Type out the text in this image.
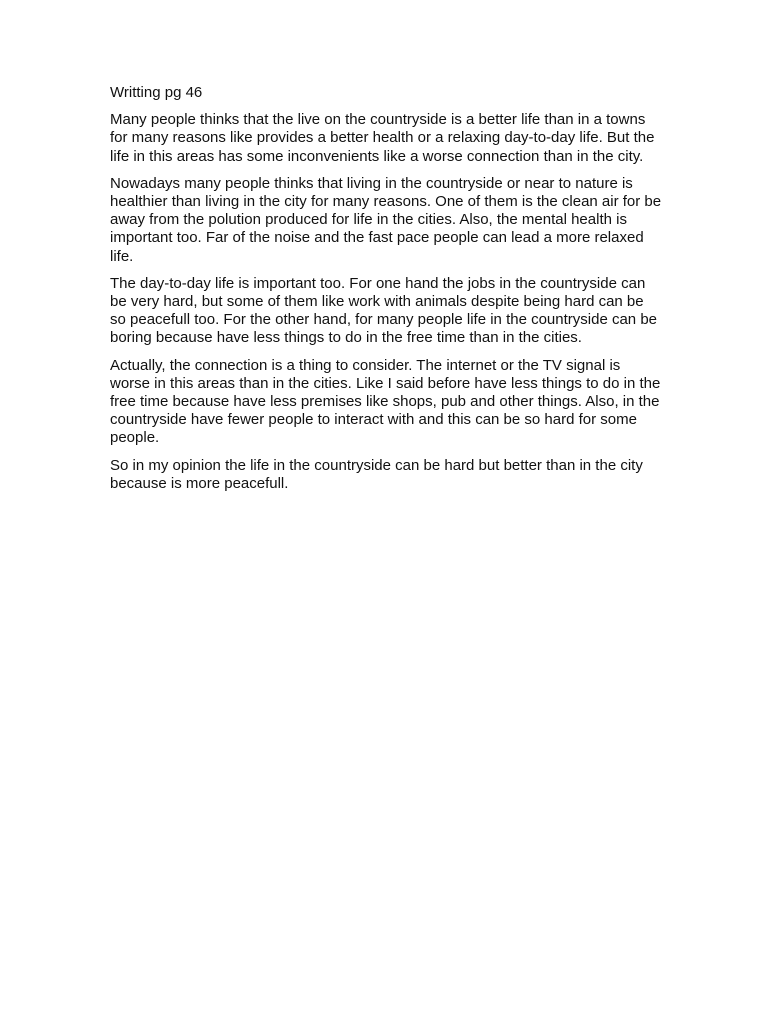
Writting pg 46

Many people thinks that the live on the countryside is a better life than in a towns for many reasons like provides a better health or a relaxing day-to-day life. But the life in this areas has some inconvenients like a worse connection than in the city.

Nowadays many people thinks that living in the countryside or near to nature is healthier than living in the city for many reasons. One of them is the clean air for be away from the polution produced for life in the cities. Also, the mental health is important too. Far of the noise and the fast pace people can lead a more relaxed life.

The day-to-day life is important too. For one hand the jobs in the countryside can be very hard, but some of them like work with animals despite being hard can be so peacefull too. For the other hand, for many people life in the countryside can be boring because have less things to do in the free time than in the cities.

Actually, the connection is a thing to consider. The internet or the TV signal is worse in this areas than in the cities. Like I said before have less things to do in the free time because have less premises like shops, pub and other things. Also, in the countryside have fewer people to interact with and this can be so hard for some people.

So in my opinion the life in the countryside can be hard but better than in the city because is more peacefull.
